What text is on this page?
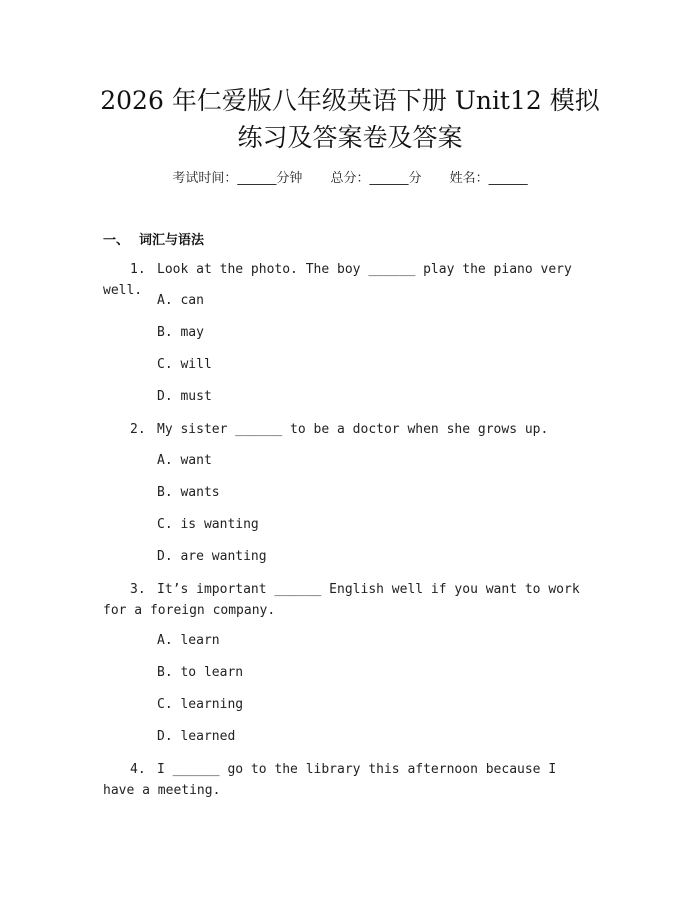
2026 年仁爱版八年级英语下册 Unit12 模拟
练习及答案卷及答案
考试时间：______分钟 总分：______分 姓名：______
一、 词汇与语法
1. Look at the photo. The boy ______ play the piano very well.
A. can
B. may
C. will
D. must
2. My sister ______ to be a doctor when she grows up.
A. want
B. wants
C. is wanting
D. are wanting
3. It’s important ______ English well if you want to work for a foreign company.
A. learn
B. to learn
C. learning
D. learned
4. I ______ go to the library this afternoon because I have a meeting.
